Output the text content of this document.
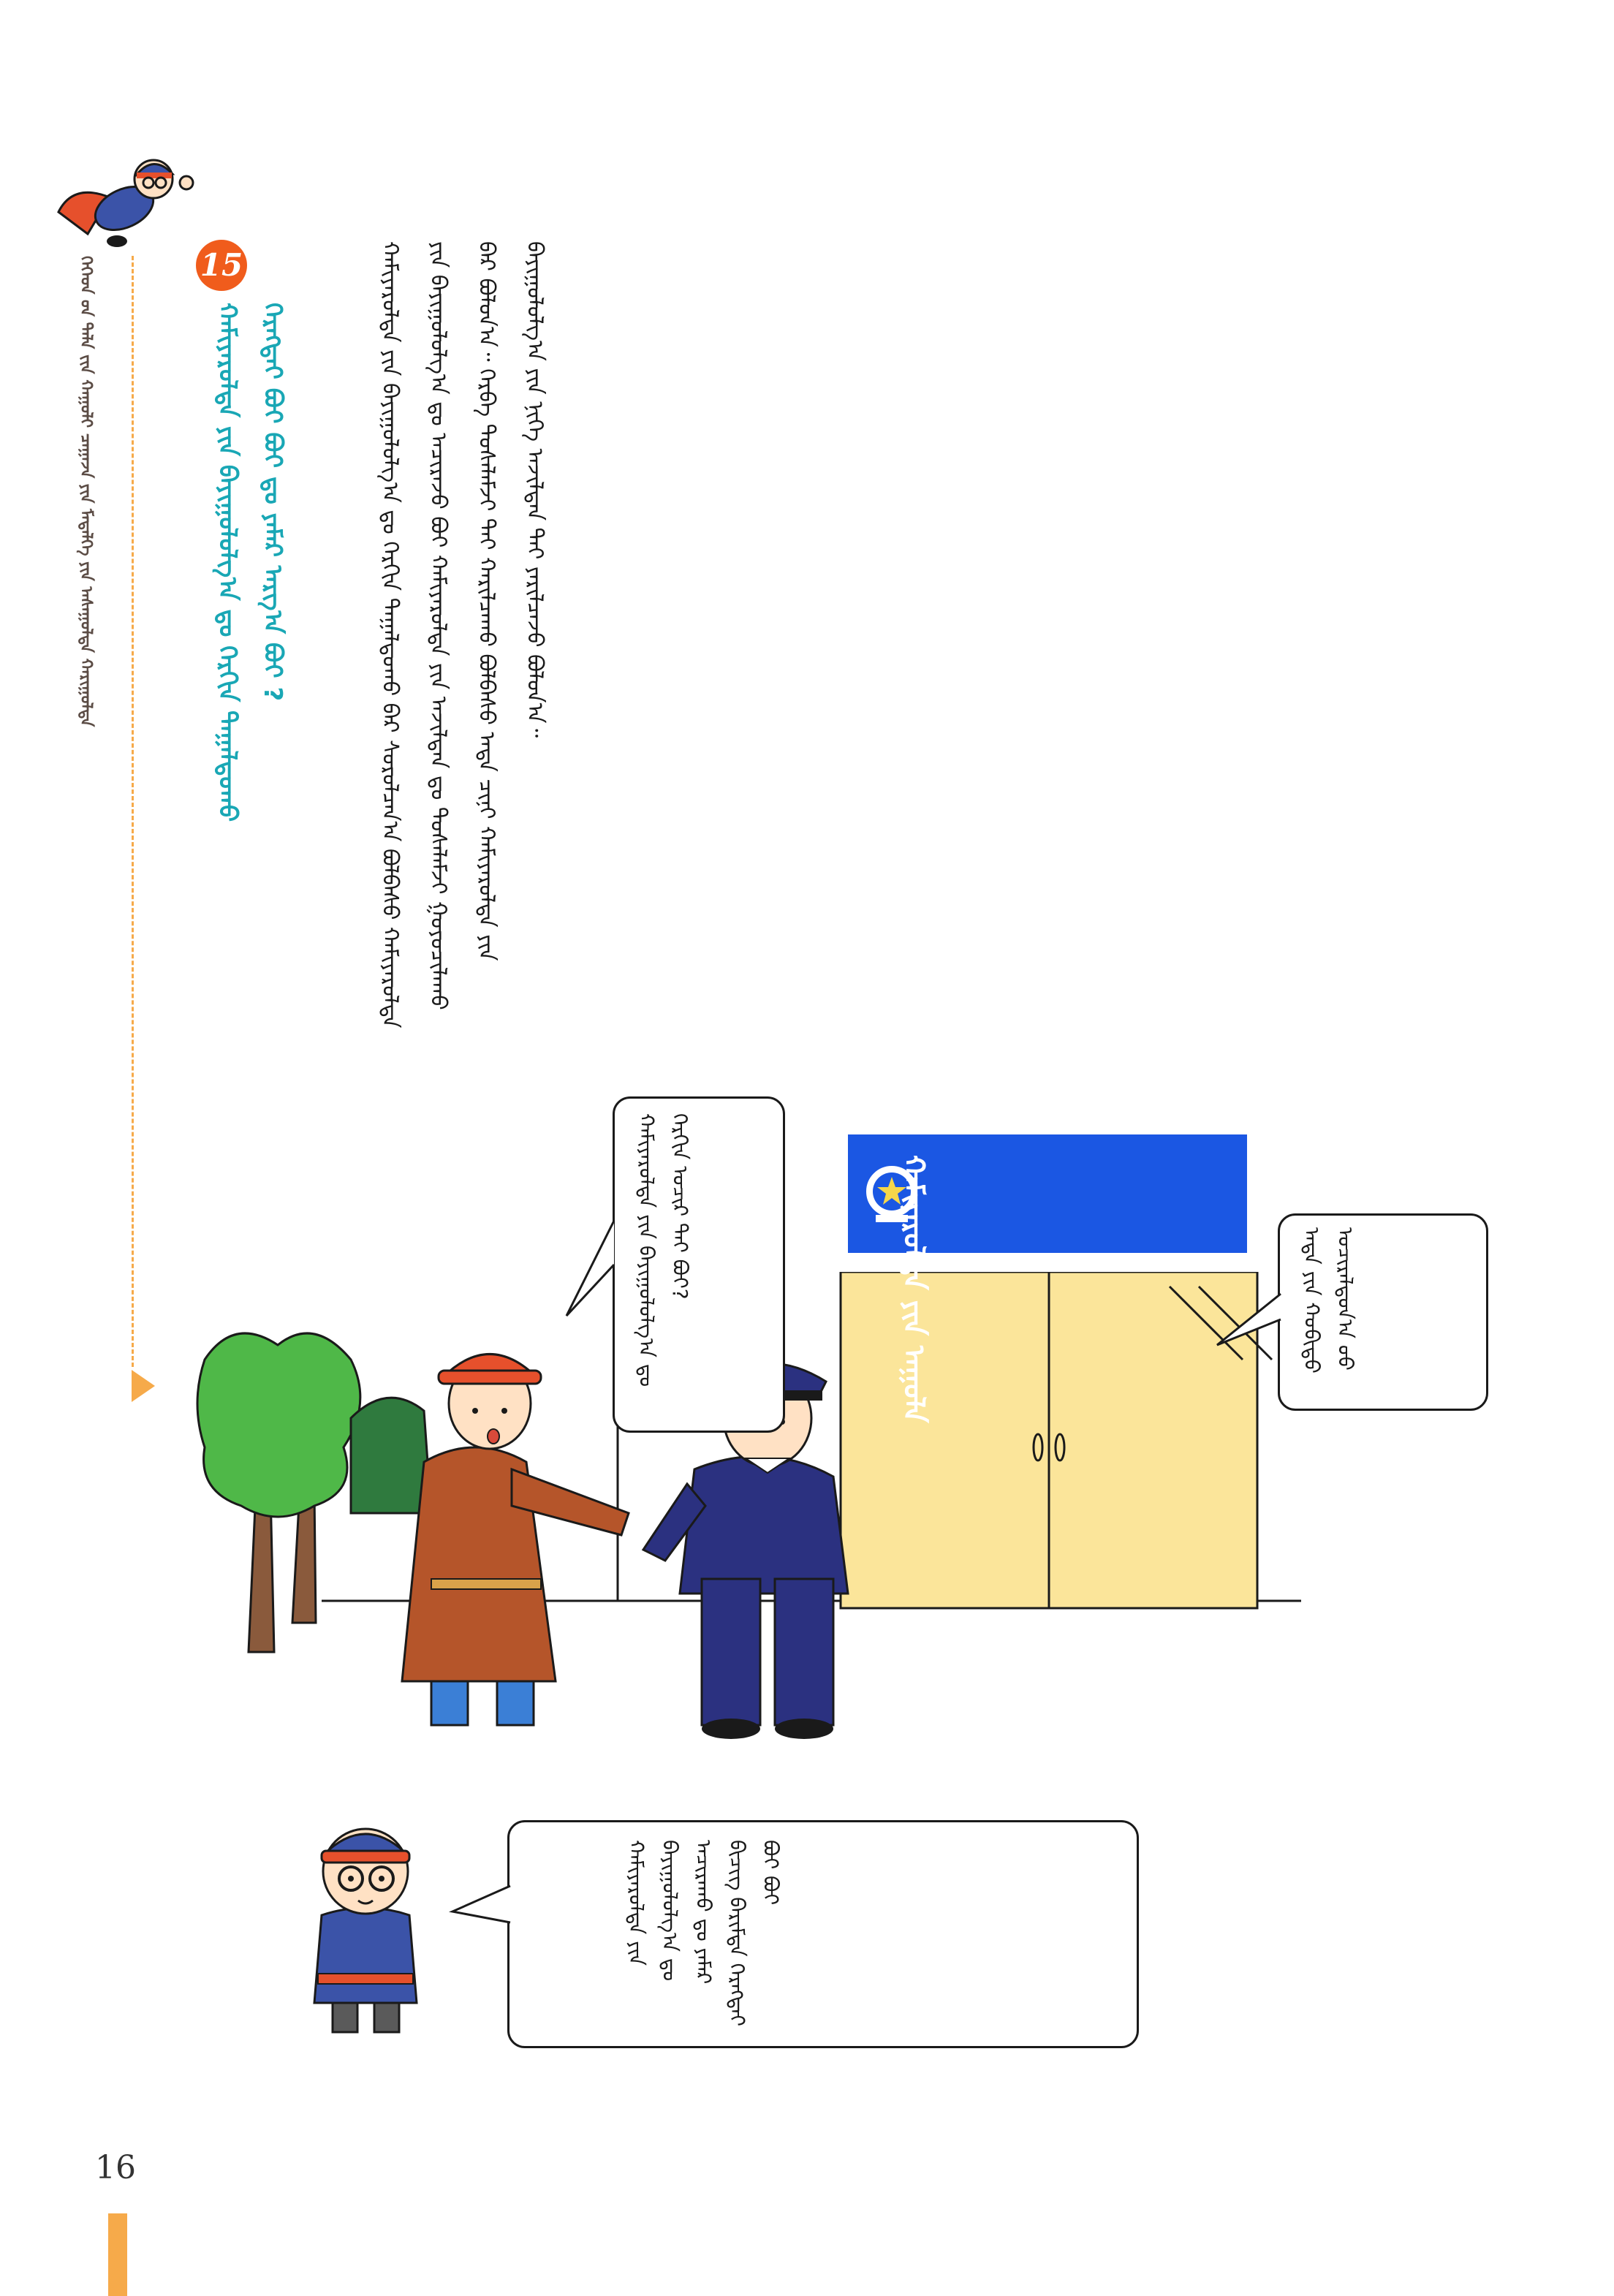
ᠬᠡᠬᠡᠳ ᠤ᠋ᠨ ᠲᠠᠯᠠ ᠵᠢᠨ ᠬᠠᠭᠤᠯᠢ ᠴᠠᠭᠠᠵᠠ ᠶᠢᠨ ᠮᠡᠳᠡᠯᠭᠡ ᠶᠢᠨ ᠠᠰᠠᠭᠤᠯᠲᠠ ᠬᠠᠷᠢᠭᠤᠯᠲᠠ	15
ᠬᠠᠮᠢᠶᠠᠷᠤᠯᠲᠠ ᠶᠢᠨ ᠪᠠᠶᠢᠭᠤᠯᠤᠯᠭ᠎ᠠ ᠳᠤ ᠬᠡᠷᠬᠢᠨ ᠳᠠᠭᠠᠯᠳᠤᠬᠤ ᠬᠡᠷᠡᠭᠲᠡᠶ ᠪᠤᠢ ᠪᠤᠢ ᠳᠤ ᠶᠠᠮᠠᠷ ᠠᠷᠭ᠎ᠠ ᠪᠤᠢ ?	ᠬᠠᠮᠢᠶᠠᠷᠤᠯᠲᠠ ᠶᠢᠨ ᠪᠠᠶᠢᠭᠤᠯᠤᠯᠭ᠎ᠠ ᠳᠤ ᠬᠡᠷᠬᠢᠨ ᠳᠠᠭᠠᠯᠳᠤᠬᠤ ᠪᠡᠷ ᠰᠤᠷᠤᠯᠴᠠᠨ᠎ᠠ ᠪᠣᠯᠪᠠᠰᠤ ᠬᠠᠮᠢᠶᠠᠷᠤᠯᠲᠠ ᠶᠢᠨ ᠪᠠᠶᠢᠭᠤᠯᠤᠯᠭ᠎ᠠ ᠳᠤ ᠠᠴᠢᠷᠠᠵᠤ ᠪᠤᠢ ᠬᠠᠮᠢᠶᠠᠷᠤᠯᠲᠠ ᠶᠢᠨ ᠠᠵᠢᠯᠲᠠᠨ ᠳᠤ ᠲᠤᠰᠠᠯᠠᠮᠵᠢ ᠭᠤᠶᠤᠴᠢᠯᠠᠬᠤ ᠪᠡᠷ ᠪᠣᠯᠤᠨ᠎ᠠ᠃ ᠬᠡᠷᠪᠡ ᠲᠤᠰᠠᠯᠠᠮᠵᠢ ᠲᠠᠶ ᠬᠠᠷᠢᠯᠴᠠᠬᠤ ᠪᠣᠯᠪᠠᠰᠤ ᠡᠨᠳᠡ ᠴᠢᠨᠢ ᠬᠠᠮᠢᠶᠠᠷᠤᠯᠲᠠ ᠶᠢᠨ ᠪᠠᠶᠢᠭᠤᠯᠤᠯᠭ᠎ᠠ ᠶᠢᠨ ᠨᠢᠭᠡ ᠠᠵᠢᠯᠲᠠᠨ ᠲᠠᠶ ᠶᠠᠷᠢᠯᠴᠠᠵᠤ ᠪᠣᠯᠤᠨ᠎ᠠ᠃
ᠬᠠᠮᠢᠶᠠᠷᠤᠯᠲᠠ ᠶᠢᠨ ᠠᠭᠤᠯᠠ
ᠬᠠᠮᠢᠶᠠᠷᠤᠯᠲᠠ ᠶᠢᠨ ᠪᠠᠶᠢᠭᠤᠯᠤᠯᠭ᠎ᠠ ᠳᠤ ᠬᠡᠷᠬᠢᠨ ᠤᠴᠢᠷ ᠲᠠᠶ ᠪᠤᠢ?
ᠡᠨᠳᠡ ᠶᠢᠨ ᠬᠤᠪᠢᠳᠤ ᠤᠴᠢᠷᠠᠯᠳᠤᠨ᠎ᠠ ᠤᠤ
ᠬᠠᠮᠢᠶᠠᠷᠤᠯᠲᠠ ᠶᠢᠨ ᠪᠠᠶᠢᠭᠤᠯᠤᠯᠭ᠎ᠠ ᠳᠤ ᠠᠴᠢᠷᠠᠬᠤ ᠳᠤ ᠶᠠᠮᠠᠷ ᠪᠢᠴᠢᠭ ᠪᠠᠷᠢᠮᠲᠠ ᠬᠡᠷᠡᠭᠲᠡᠶ ᠪᠤᠢ ᠪᠤᠢ
16
